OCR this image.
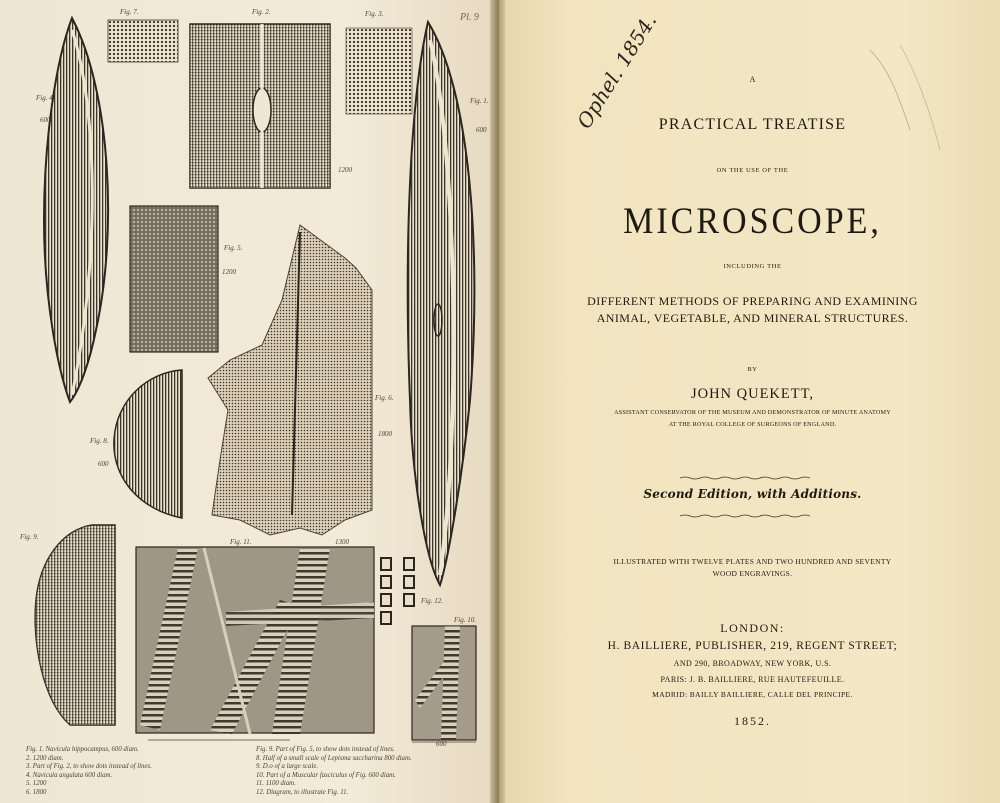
Pl. 9
Fig. 7.	Fig. 2.	Fig. 3.
Fig. 4.
600
Fig. 1.
600
1200
Fig. 5.
1200
Fig. 6.
1800
Fig. 8.
600
Fig. 9.
Fig. 11.	1300
Fig. 12.
Fig. 10.
600
Fig. 1. Navicula hippocampus, 600 diam.
2. 1200 diam.
3. Part of Fig. 2, to show dots instead of lines.
4. Navicula angulata 600 diam.
5. 1200
6. 1800
Fig. 9. Part of Fig. 5, to show dots instead of lines.
8. Half of a small scale of Lepisma saccharina 800 diam.
9. D.o of a large scale.
10. Part of a Muscular fasciculus of Fig. 600 diam.
11. 1100 diam.
12. Diagram, to illustrate Fig. 11.
Ophel. 1854.	A
PRACTICAL TREATISE
ON THE USE OF THE
MICROSCOPE,
INCLUDING THE
DIFFERENT METHODS OF PREPARING AND EXAMINING
ANIMAL, VEGETABLE, AND MINERAL STRUCTURES.
BY
JOHN QUEKETT,
ASSISTANT CONSERVATOR OF THE MUSEUM AND DEMONSTRATOR OF MINUTE ANATOMY
AT THE ROYAL COLLEGE OF SURGEONS OF ENGLAND.
Second Edition, with Additions.
ILLUSTRATED WITH TWELVE PLATES AND TWO HUNDRED AND SEVENTY
WOOD ENGRAVINGS.
LONDON:
H. BAILLIERE, PUBLISHER, 219, REGENT STREET;
AND 290, BROADWAY, NEW YORK, U.S.
PARIS: J. B. BAILLIERE, RUE HAUTEFEUILLE.
MADRID: BAILLY BAILLIERE, CALLE DEL PRINCIPE.
1852.
